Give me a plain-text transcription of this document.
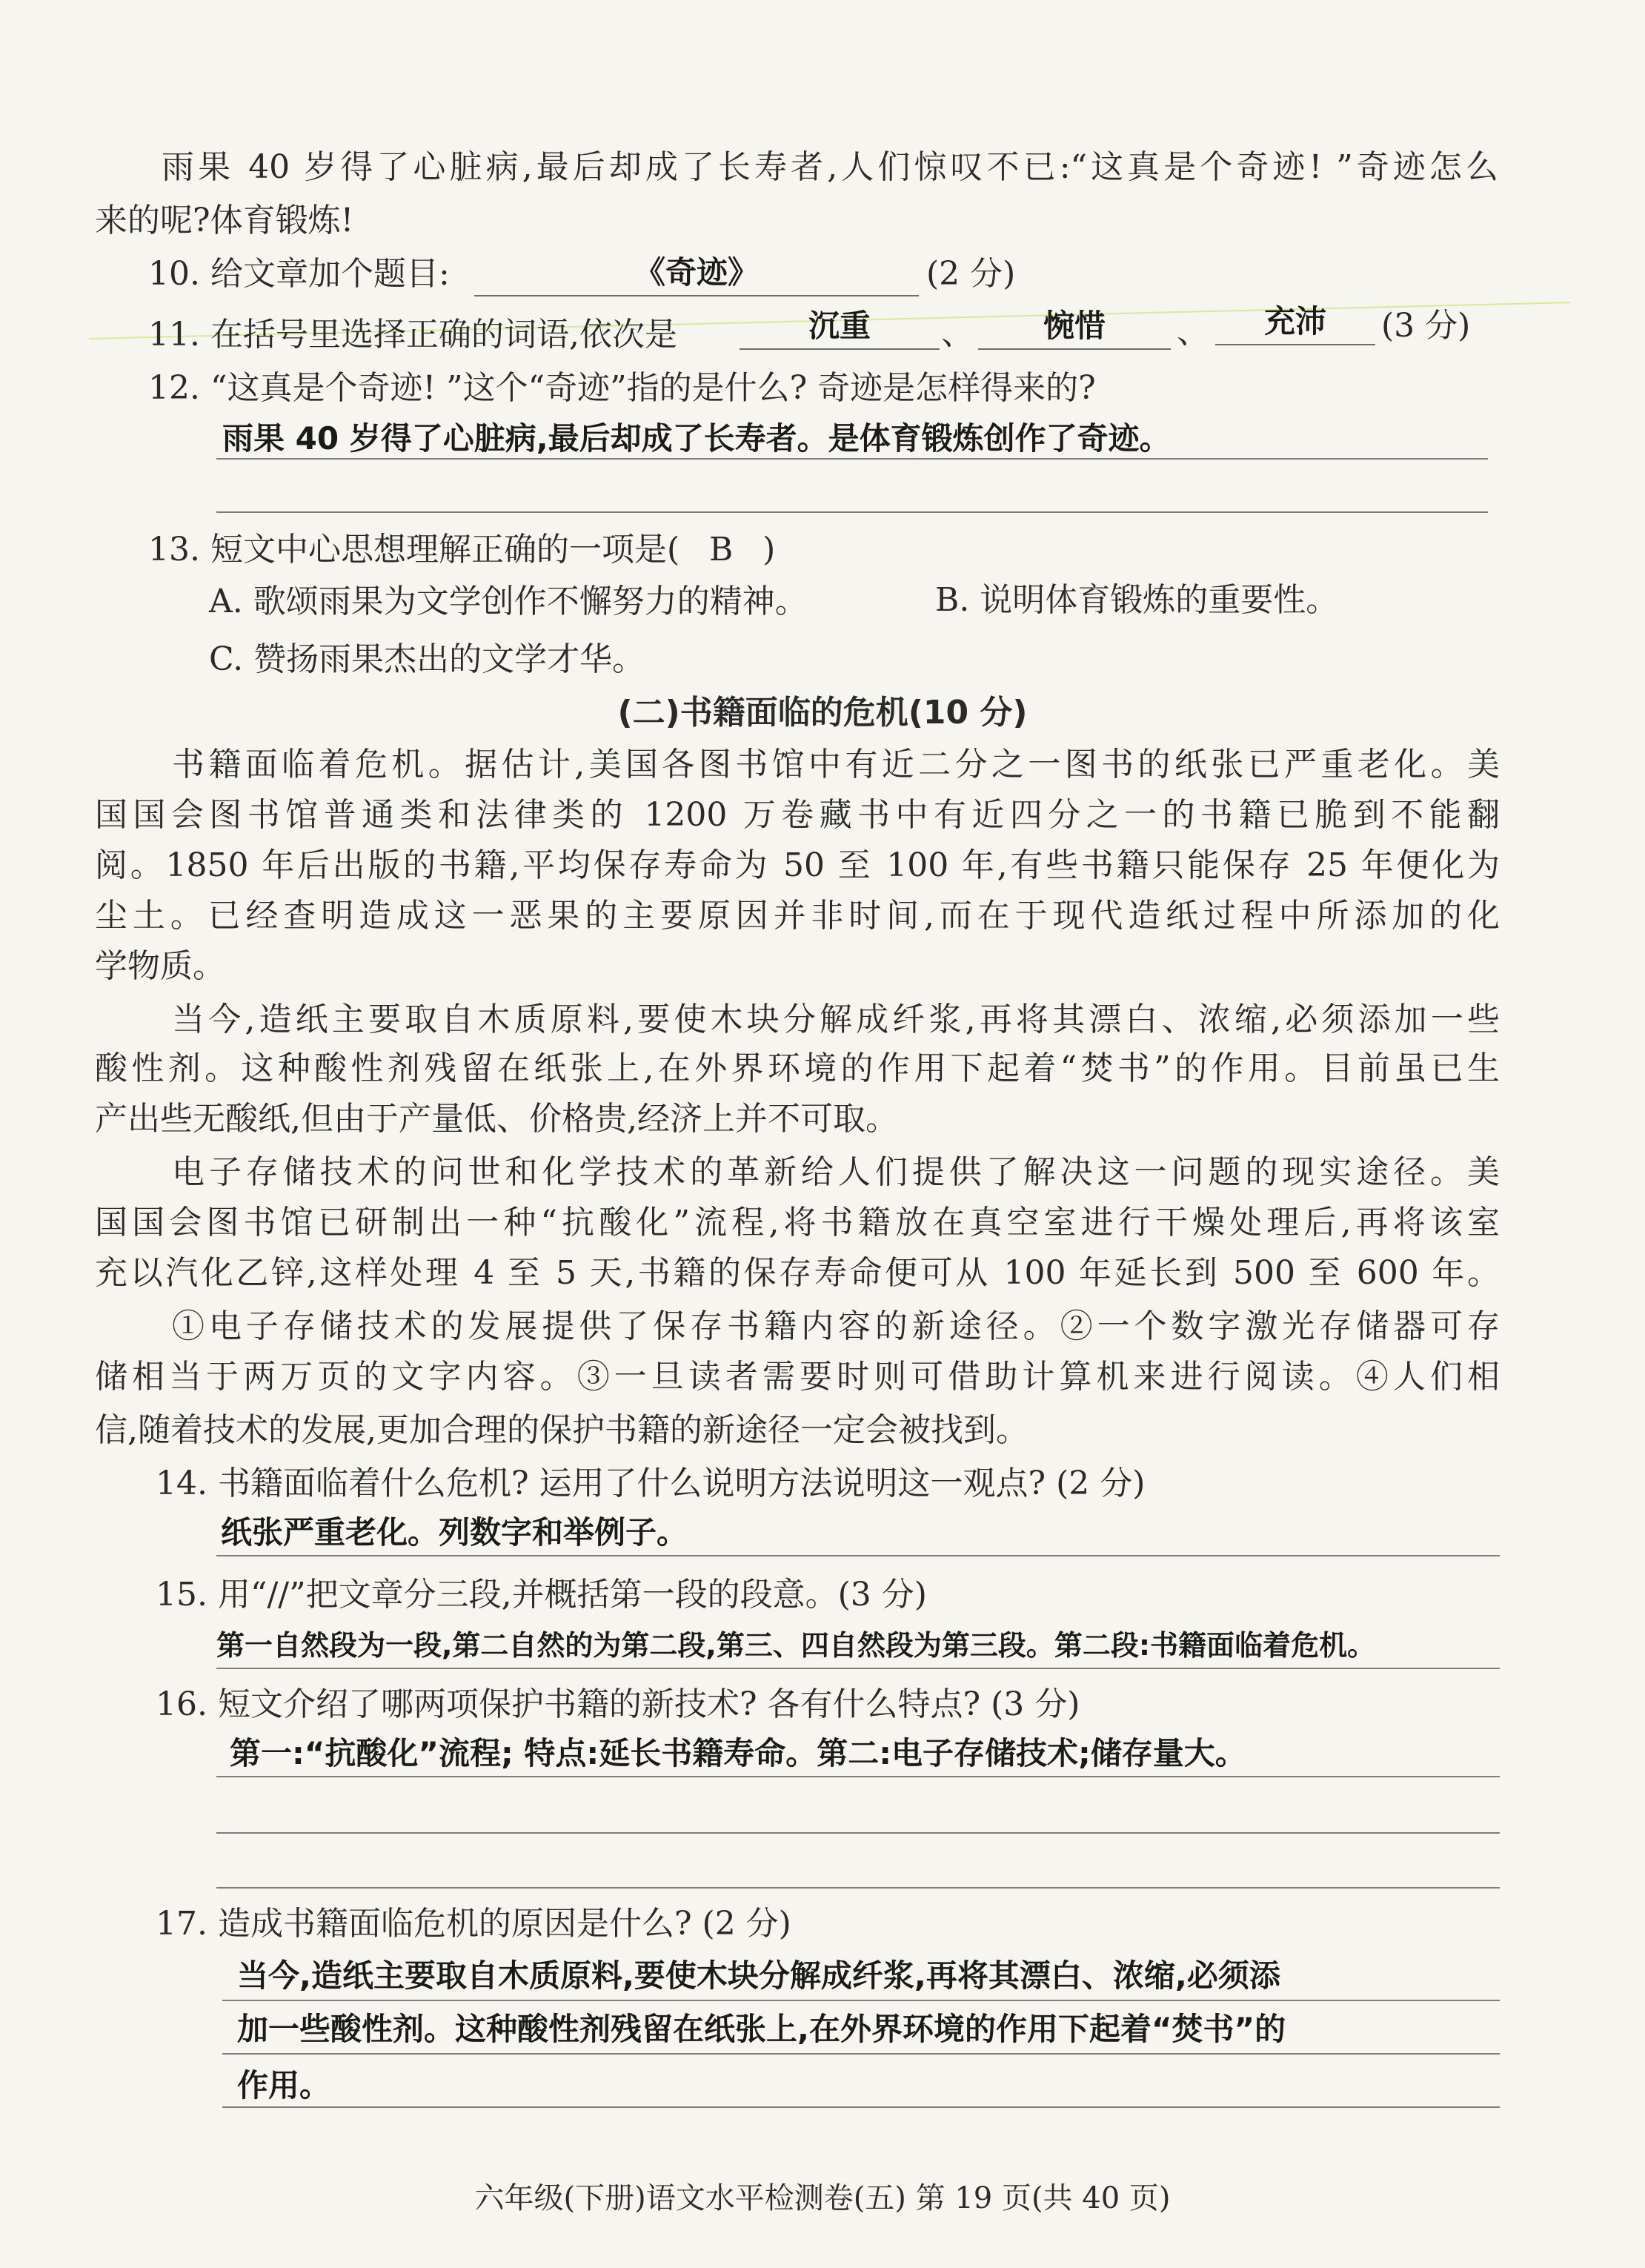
雨果 40 岁得了心脏病,最后却成了长寿者,人们惊叹不已:“这真是个奇迹! ”奇迹怎么
来的呢?体育锻炼!
10. 给文章加个题目:	《奇迹》	(2 分)
11. 在括号里选择正确的词语,依次是	沉重	、	惋惜	、	充沛	(3 分)
12. “这真是个奇迹! ”这个“奇迹”指的是什么? 奇迹是怎样得来的?
雨果 40 岁得了心脏病,最后却成了长寿者。是体育锻炼创作了奇迹。
13. 短文中心思想理解正确的一项是( B )
A. 歌颂雨果为文学创作不懈努力的精神。	B. 说明体育锻炼的重要性。
C. 赞扬雨果杰出的文学才华。
(二)书籍面临的危机(10 分)
书籍面临着危机。据估计,美国各图书馆中有近二分之一图书的纸张已严重老化。美
国国会图书馆普通类和法律类的 1200 万卷藏书中有近四分之一的书籍已脆到不能翻
阅。1850 年后出版的书籍,平均保存寿命为 50 至 100 年,有些书籍只能保存 25 年便化为
尘土。已经查明造成这一恶果的主要原因并非时间,而在于现代造纸过程中所添加的化
学物质。
当今,造纸主要取自木质原料,要使木块分解成纤浆,再将其漂白、浓缩,必须添加一些
酸性剂。这种酸性剂残留在纸张上,在外界环境的作用下起着“焚书”的作用。目前虽已生
产出些无酸纸,但由于产量低、价格贵,经济上并不可取。
电子存储技术的问世和化学技术的革新给人们提供了解决这一问题的现实途径。美
国国会图书馆已研制出一种“抗酸化”流程,将书籍放在真空室进行干燥处理后,再将该室
充以汽化乙锌,这样处理 4 至 5 天,书籍的保存寿命便可从 100 年延长到 500 至 600 年。
①电子存储技术的发展提供了保存书籍内容的新途径。②一个数字激光存储器可存
储相当于两万页的文字内容。③一旦读者需要时则可借助计算机来进行阅读。④人们相
信,随着技术的发展,更加合理的保护书籍的新途径一定会被找到。
14. 书籍面临着什么危机? 运用了什么说明方法说明这一观点? (2 分)
纸张严重老化。列数字和举例子。
15. 用“//”把文章分三段,并概括第一段的段意。(3 分)
第一自然段为一段,第二自然的为第二段,第三、四自然段为第三段。第二段:书籍面临着危机。
16. 短文介绍了哪两项保护书籍的新技术? 各有什么特点? (3 分)
第一:“抗酸化”流程; 特点:延长书籍寿命。第二:电子存储技术;储存量大。
17. 造成书籍面临危机的原因是什么? (2 分)
当今,造纸主要取自木质原料,要使木块分解成纤浆,再将其漂白、浓缩,必须添
加一些酸性剂。这种酸性剂残留在纸张上,在外界环境的作用下起着“焚书”的
作用。
六年级(下册)语文水平检测卷(五) 第 19 页(共 40 页)
